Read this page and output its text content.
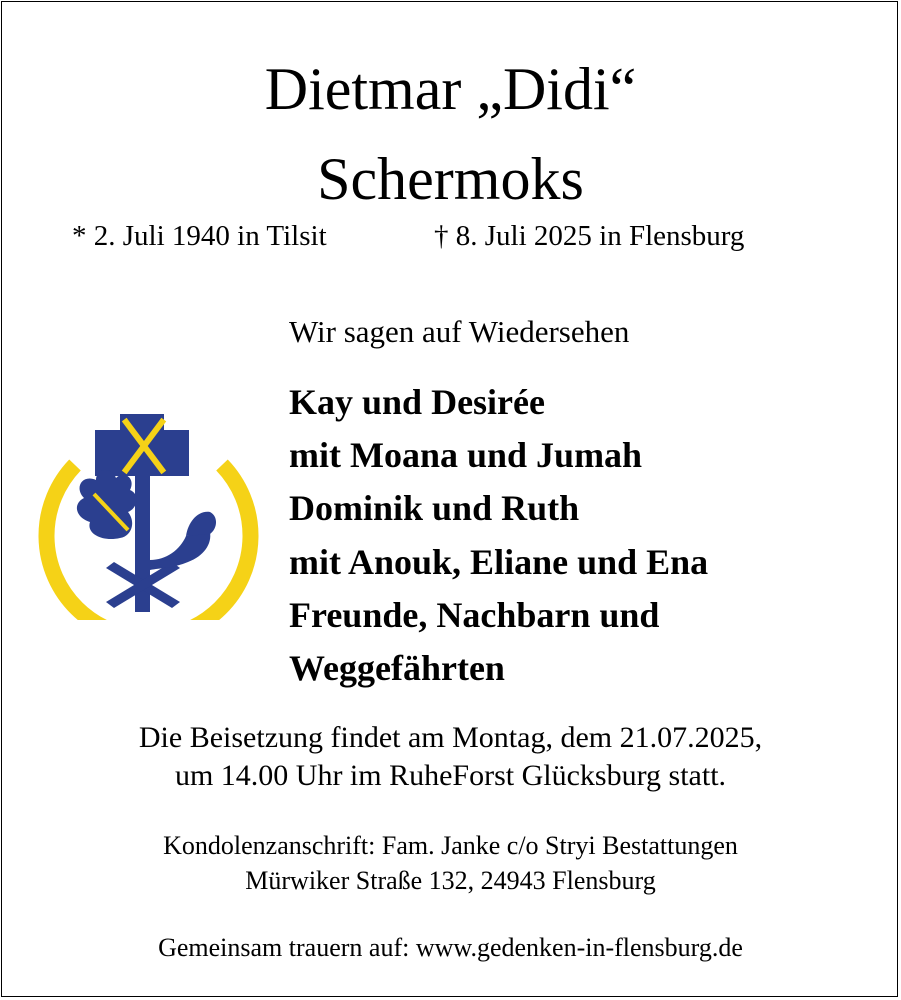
Dietmar „Didi“
Schermoks
* 2. Juli 1940 in Tilsit	† 8. Juli 2025 in Flensburg
Wir sagen auf Wiedersehen
Kay und Desirée
mit Moana und Jumah
Dominik und Ruth
mit Anouk, Eliane und Ena
Freunde, Nachbarn und
Weggefährten
Die Beisetzung findet am Montag, dem 21.07.2025,
um 14.00 Uhr im RuheForst Glücksburg statt.
Kondolenzanschrift: Fam. Janke c/o Stryi Bestattungen
Mürwiker Straße 132, 24943 Flensburg
Gemeinsam trauern auf: www.gedenken-in-flensburg.de
